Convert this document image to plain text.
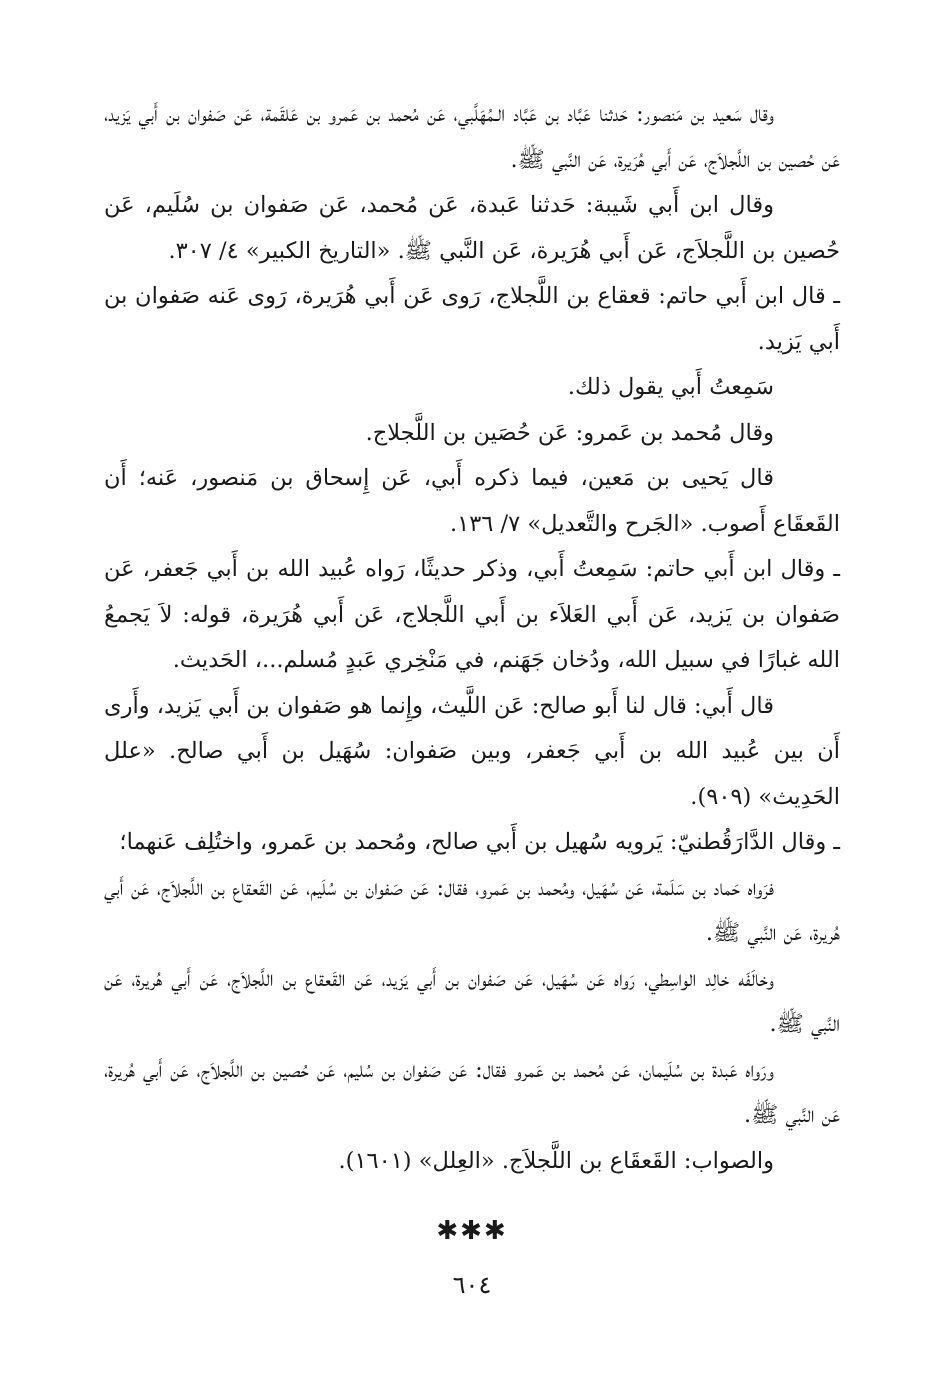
وقال سَعيد بن مَنصور: حَدثنا عَبَّاد بن عَبَّاد الـمُهَلَّبي، عَن مُحمد بن عَمرو بن عَلقَمة، عَن صَفوان بن أَبي يَزيد، عَن حُصين بن اللَّجلاَج، عَن أَبي هُرَيرة، عَن النَّبي ﷺ.

وقال ابن أَبي شَيبة: حَدثنا عَبدة، عَن مُحمد، عَن صَفوان بن سُلَيم، عَن حُصين بن اللَّجلاَج، عَن أَبي هُرَيرة، عَن النَّبي ﷺ. «التاريخ الكبير» ٤/ ٣٠٧.

ـ قال ابن أَبي حاتم: قعقاع بن اللَّجلاج، رَوى عَن أَبي هُرَيرة، رَوى عَنه صَفوان بن أَبي يَزيد.

سَمِعتُ أَبي يقول ذلك.

وقال مُحمد بن عَمرو: عَن حُصَين بن اللَّجلاج.

قال يَحيى بن مَعين، فيما ذكره أَبي، عَن إِسحاق بن مَنصور، عَنه؛ أَن القَعقَاع أَصوب. «الجَرح والتَّعديل» ٧/ ١٣٦.

ـ وقال ابن أَبي حاتم: سَمِعتُ أَبي، وذكر حديثًا، رَواه عُبيد الله بن أَبي جَعفر، عَن صَفوان بن يَزيد، عَن أَبي العَلاَء بن أَبي اللَّجلاج، عَن أَبي هُرَيرة، قوله: لاَ يَجمعُ الله غبارًا في سبيل الله، ودُخان جَهَنم، في مَنْخِري عَبدٍ مُسلم...، الحَديث.

قال أَبي: قال لنا أَبو صالح: عَن اللَّيث، وإِنما هو صَفوان بن أَبي يَزيد، وأَرى أَن بين عُبيد الله بن أَبي جَعفر، وبين صَفوان: سُهَيل بن أَبي صالح. «علل الحَدِيث» (٩٠٩).

ـ وقال الدَّارَقُطنيّ: يَرويه سُهيل بن أَبي صالح، ومُحمد بن عَمرو، واختُلِف عَنهما؛

فرَواه حَماد بن سَلَمة، عَن سُهَيل، ومُحمد بن عَمرو، فقال: عَن صَفوان بن سُلَيم، عَن القَعقاع بن اللَّجلاَج، عَن أَبي هُريرة، عَن النَّبي ﷺ.

وخالَفَه خالِد الواسِطي، رَواه عَن سُهَيل، عَن صَفوان بن أَبي يَزيد، عَن القَعقاع بن اللَّجلاَج، عَن أَبي هُريرة، عَن النَّبي ﷺ.

ورَواه عَبدة بن سُلَيمان، عَن مُحمد بن عَمرو فقال: عَن صَفوان بن سُليم، عَن حُصين بن اللَّجلاَج، عَن أَبي هُريرة، عَن النَّبي ﷺ.

والصواب: القَعقَاع بن اللَّجلاَج. «العِلل» (١٦٠١).

✱✱✱
٦٠٤
